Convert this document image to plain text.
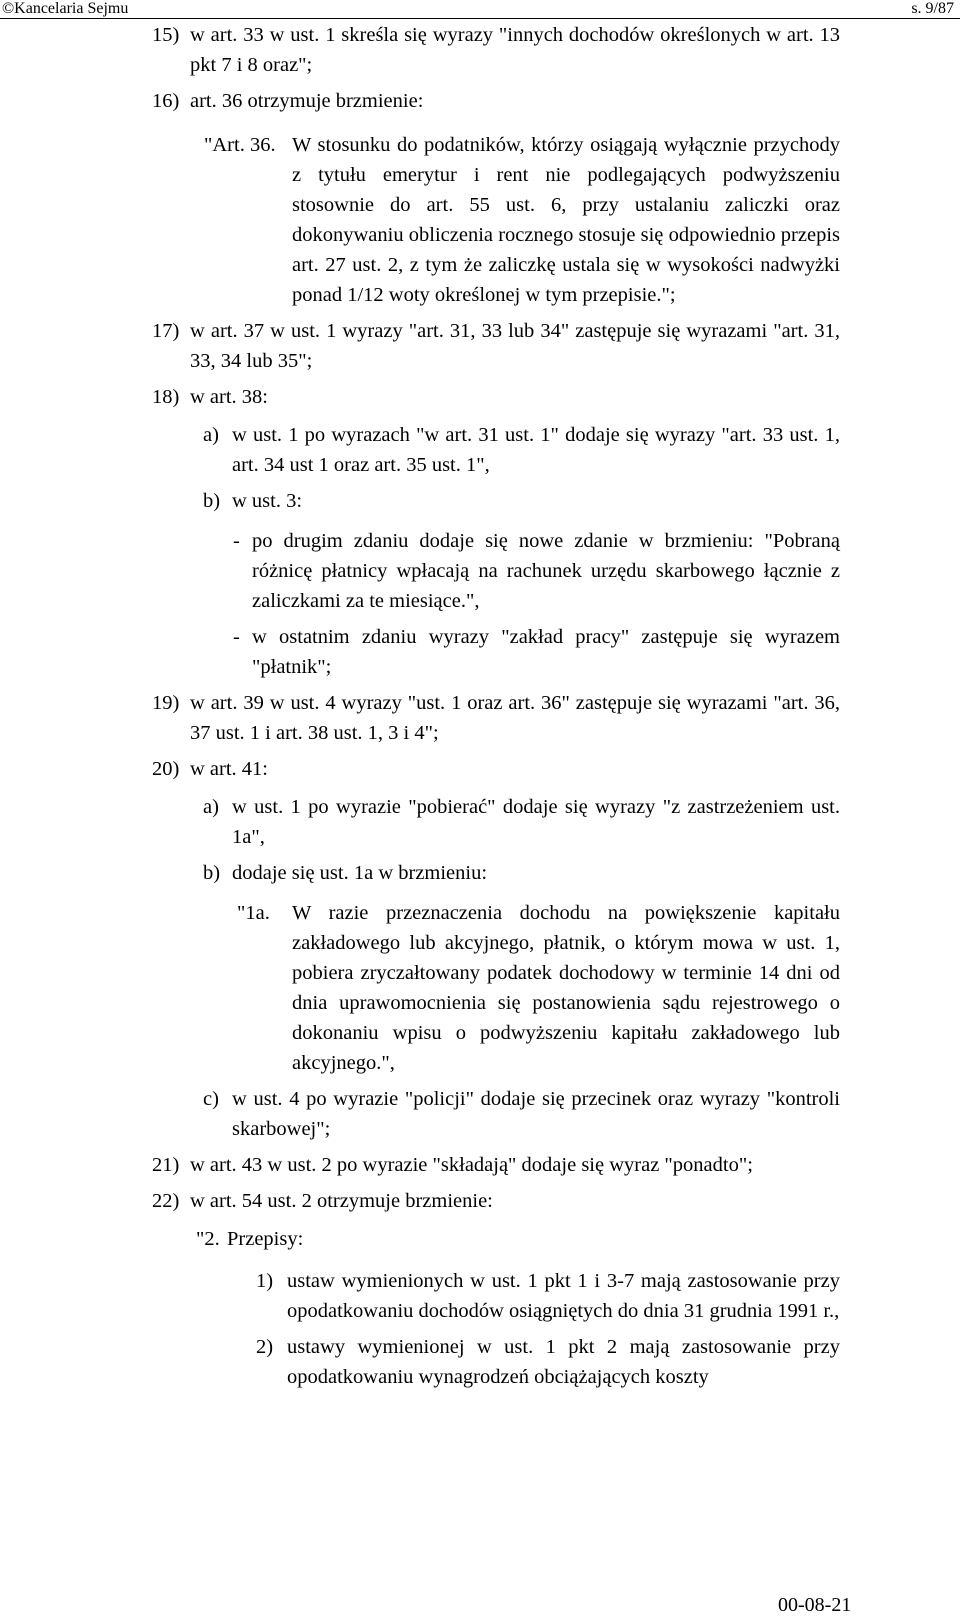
©Kancelaria Sejmu	s. 9/87
15) w art. 33 w ust. 1 skreśla się wyrazy "innych dochodów określonych w art. 13 pkt 7 i 8 oraz";
16) art. 36 otrzymuje brzmienie:
"Art. 36. W stosunku do podatników, którzy osiągają wyłącznie przychody z tytułu emerytur i rent nie podlegających podwyższeniu stosownie do art. 55 ust. 6, przy ustalaniu zaliczki oraz dokonywaniu obliczenia rocznego stosuje się odpowiednio przepis art. 27 ust. 2, z tym że zaliczkę ustala się w wysokości nadwyżki ponad 1/12 woty określonej w tym przepisie.";
17) w art. 37 w ust. 1 wyrazy "art. 31, 33 lub 34" zastępuje się wyrazami "art. 31, 33, 34 lub 35";
18) w art. 38:
a) w ust. 1 po wyrazach "w art. 31 ust. 1" dodaje się wyrazy "art. 33 ust. 1, art. 34 ust 1 oraz art. 35 ust. 1",
b) w ust. 3:
- po drugim zdaniu dodaje się nowe zdanie w brzmieniu: "Pobraną różnicę płatnicy wpłacają na rachunek urzędu skarbowego łącznie z zaliczkami za te miesiące.",
- w ostatnim zdaniu wyrazy "zakład pracy" zastępuje się wyrazem "płatnik";
19) w art. 39 w ust. 4 wyrazy "ust. 1 oraz art. 36" zastępuje się wyrazami "art. 36, 37 ust. 1 i art. 38 ust. 1, 3 i 4";
20) w art. 41:
a) w ust. 1 po wyrazie "pobierać" dodaje się wyrazy "z zastrzeżeniem ust. 1a",
b) dodaje się ust. 1a w brzmieniu:
"1a. W razie przeznaczenia dochodu na powiększenie kapitału zakładowego lub akcyjnego, płatnik, o którym mowa w ust. 1, pobiera zryczałtowany podatek dochodowy w terminie 14 dni od dnia uprawomocnienia się postanowienia sądu rejestrowego o dokonaniu wpisu o podwyższeniu kapitału zakładowego lub akcyjnego.",
c) w ust. 4 po wyrazie "policji" dodaje się przecinek oraz wyrazy "kontroli skarbowej";
21) w art. 43 w ust. 2 po wyrazie "składają" dodaje się wyraz "ponadto";
22) w art. 54 ust. 2 otrzymuje brzmienie:
"2. Przepisy:
1) ustaw wymienionych w ust. 1 pkt 1 i 3-7 mają zastosowanie przy opodatkowaniu dochodów osiągniętych do dnia 31 grudnia 1991 r.,
2) ustawy wymienionej w ust. 1 pkt 2 mają zastosowanie przy opodatkowaniu wynagrodzeń obciążających koszty
00-08-21
